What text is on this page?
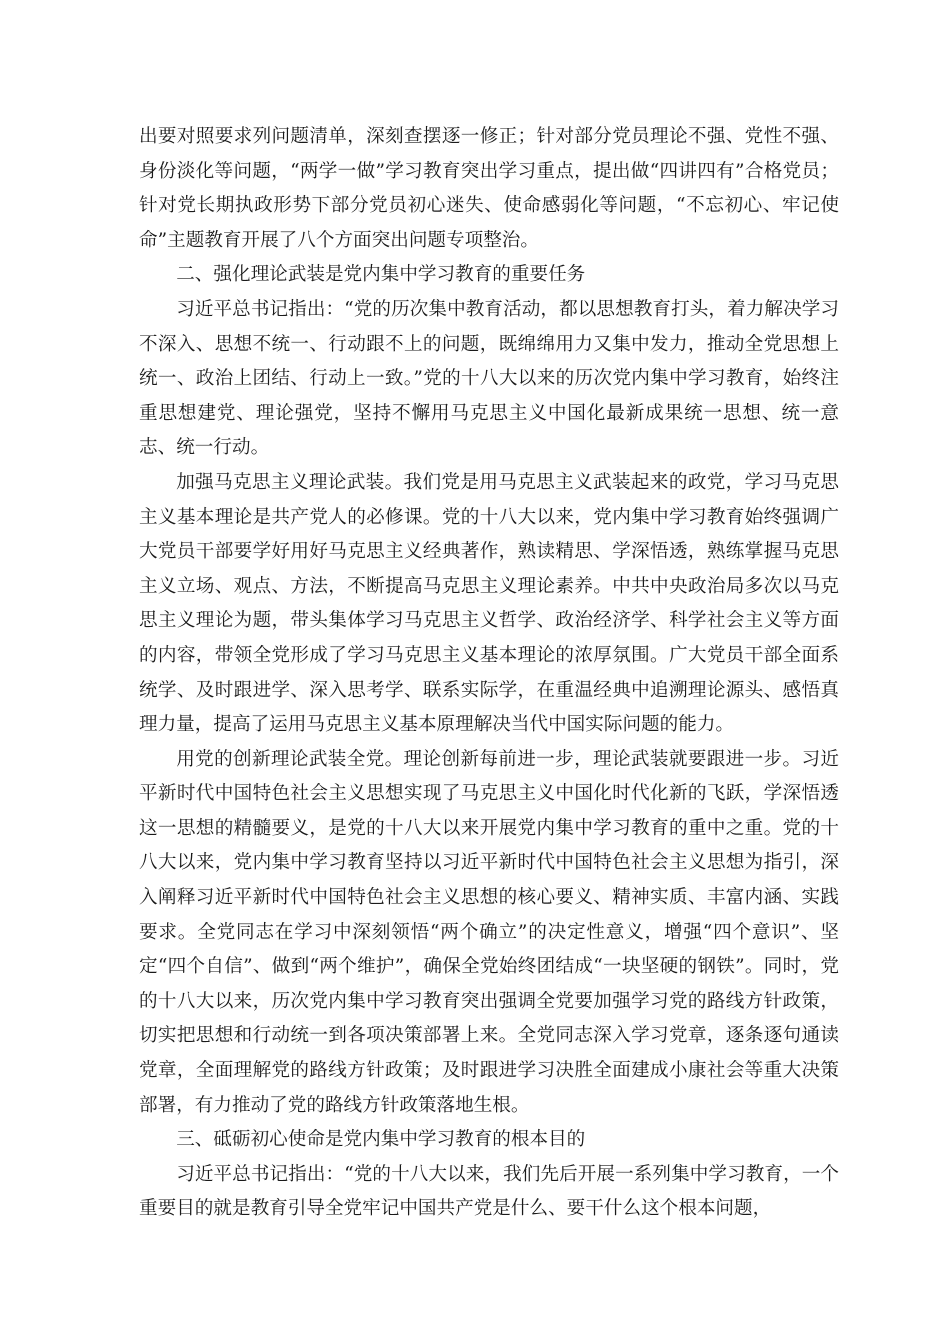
出要对照要求列问题清单，深刻查摆逐一修正；针对部分党员理论不强、党性不强、身份淡化等问题，“两学一做”学习教育突出学习重点，提出做“四讲四有”合格党员；针对党长期执政形势下部分党员初心迷失、使命感弱化等问题，“不忘初心、牢记使命”主题教育开展了八个方面突出问题专项整治。

二、强化理论武装是党内集中学习教育的重要任务

习近平总书记指出：“党的历次集中教育活动，都以思想教育打头，着力解决学习不深入、思想不统一、行动跟不上的问题，既绵绵用力又集中发力，推动全党思想上统一、政治上团结、行动上一致。”党的十八大以来的历次党内集中学习教育，始终注重思想建党、理论强党，坚持不懈用马克思主义中国化最新成果统一思想、统一意志、统一行动。

加强马克思主义理论武装。我们党是用马克思主义武装起来的政党，学习马克思主义基本理论是共产党人的必修课。党的十八大以来，党内集中学习教育始终强调广大党员干部要学好用好马克思主义经典著作，熟读精思、学深悟透，熟练掌握马克思主义立场、观点、方法，不断提高马克思主义理论素养。中共中央政治局多次以马克思主义理论为题，带头集体学习马克思主义哲学、政治经济学、科学社会主义等方面的内容，带领全党形成了学习马克思主义基本理论的浓厚氛围。广大党员干部全面系统学、及时跟进学、深入思考学、联系实际学，在重温经典中追溯理论源头、感悟真理力量，提高了运用马克思主义基本原理解决当代中国实际问题的能力。

用党的创新理论武装全党。理论创新每前进一步，理论武装就要跟进一步。习近平新时代中国特色社会主义思想实现了马克思主义中国化时代化新的飞跃，学深悟透这一思想的精髓要义，是党的十八大以来开展党内集中学习教育的重中之重。党的十八大以来，党内集中学习教育坚持以习近平新时代中国特色社会主义思想为指引，深入阐释习近平新时代中国特色社会主义思想的核心要义、精神实质、丰富内涵、实践要求。全党同志在学习中深刻领悟“两个确立”的决定性意义，增强“四个意识”、坚定“四个自信”、做到“两个维护”，确保全党始终团结成“一块坚硬的钢铁”。同时，党的十八大以来，历次党内集中学习教育突出强调全党要加强学习党的路线方针政策，切实把思想和行动统一到各项决策部署上来。全党同志深入学习党章，逐条逐句通读党章，全面理解党的路线方针政策；及时跟进学习决胜全面建成小康社会等重大决策部署，有力推动了党的路线方针政策落地生根。

三、砥砺初心使命是党内集中学习教育的根本目的

习近平总书记指出：“党的十八大以来，我们先后开展一系列集中学习教育，一个重要目的就是教育引导全党牢记中国共产党是什么、要干什么这个根本问题，
